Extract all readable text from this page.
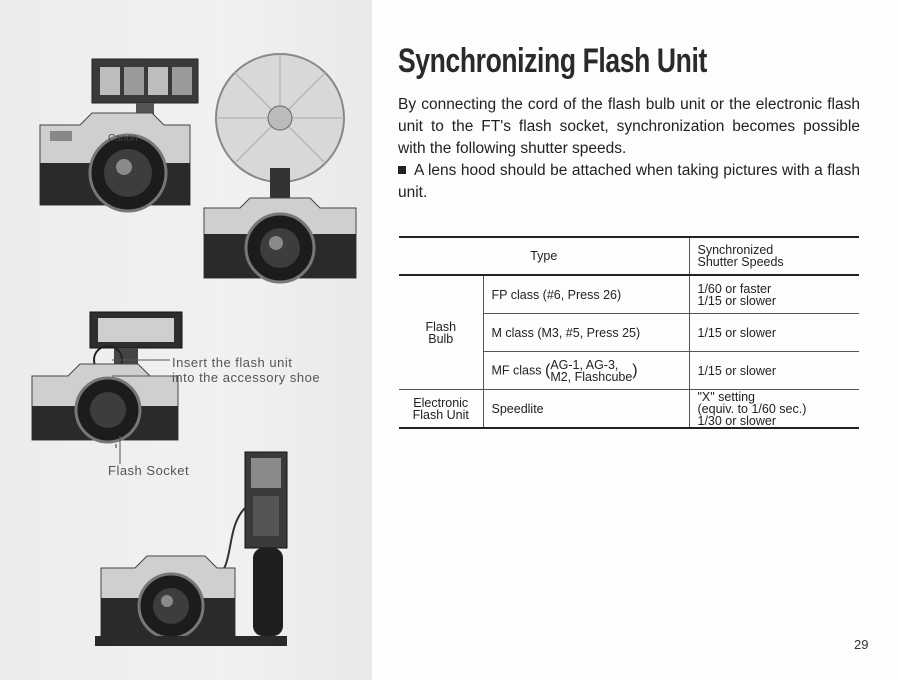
Canon
Insert the flash unit
into the accessory shoe
Flash Socket
Synchronizing Flash Unit

By connecting the cord of the flash bulb unit or the electronic flash unit to the FT's flash socket, synchronization becomes possible with the following shutter speeds.

A lens hood should be attached when taking pictures with a flash unit.

Type		Synchronized
Shutter Speeds

Flash
Bulb	FP class (#6, Press 26)	1/60 or faster
1/15 or slower

	M class (M3, #5, Press 25)	1/15 or slower
	MF class ( AG-1, AG-3,
M2, Flashcube )	1/15 or slower

Electronic
Flash Unit	Speedlite	"X" setting
(equiv. to 1/60 sec.)
1/30 or slower
29
